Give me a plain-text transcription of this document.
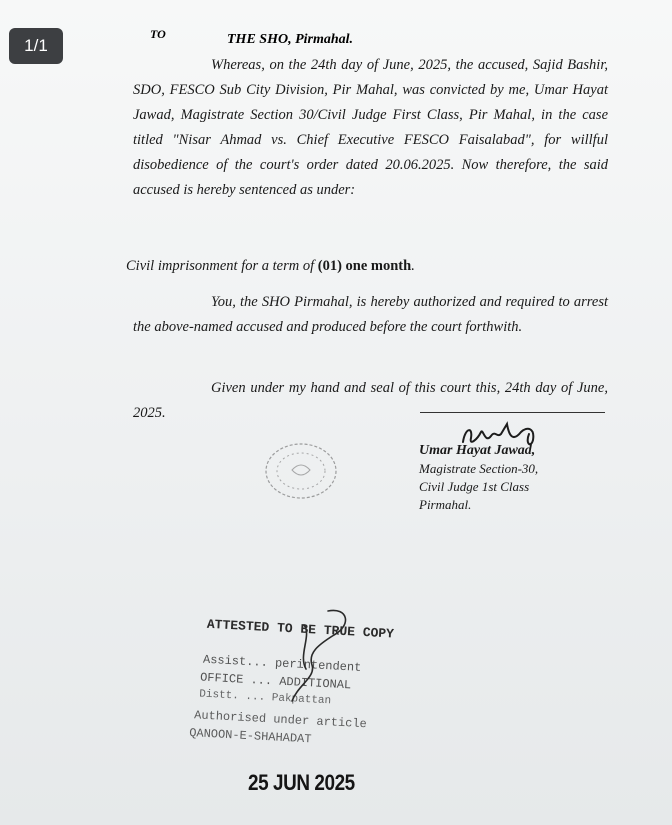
1/1
TO	THE SHO, Pirmahal.

Whereas, on the 24th day of June, 2025, the accused, Sajid Bashir, SDO, FESCO Sub City Division, Pir Mahal, was convicted by me, Umar Hayat Jawad, Magistrate Section 30/Civil Judge First Class, Pir Mahal, in the case titled "Nisar Ahmad vs. Chief Executive FESCO Faisalabad", for willful disobedience of the court's order dated 20.06.2025. Now therefore, the said accused is hereby sentenced as under:

Civil imprisonment for a term of (01) one month.

You, the SHO Pirmahal, is hereby authorized and required to arrest the above-named accused and produced before the court forthwith.

Given under my hand and seal of this court this, 24th day of June, 2025.

Umar Hayat Jawad,
Magistrate Section-30,
Civil Judge 1st Class
Pirmahal.
ATTESTED TO BE TRUE COPY
Assist... perintendent
OFFICE ... ADDITIONAL
Distt. ... Pakpattan
Authorised under article
QANOON-E-SHAHADAT
25 JUN 2025
